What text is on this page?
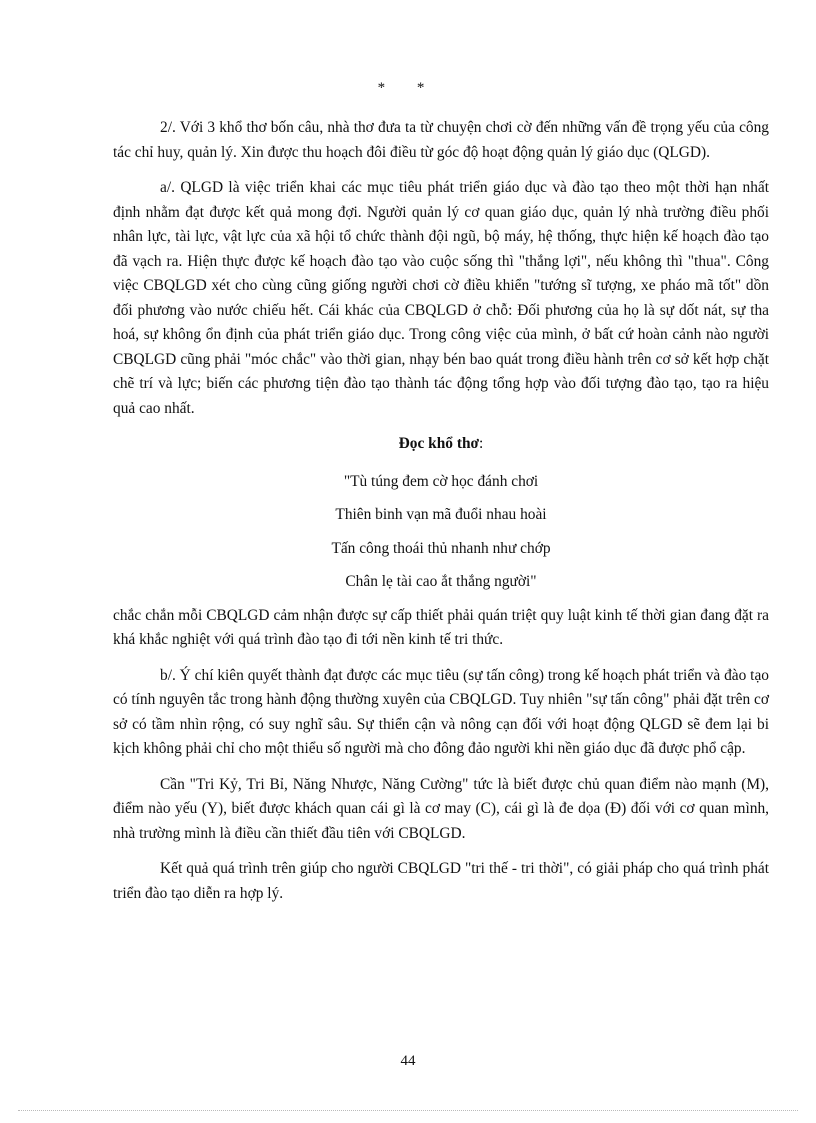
* *

2/. Với 3 khổ thơ bốn câu, nhà thơ đưa ta từ chuyện chơi cờ đến những vấn đề trọng yếu của công tác chỉ huy, quản lý. Xin được thu hoạch đôi điều từ góc độ hoạt động quản lý giáo dục (QLGD).

a/. QLGD là việc triển khai các mục tiêu phát triển giáo dục và đào tạo theo một thời hạn nhất định nhằm đạt được kết quả mong đợi. Người quản lý cơ quan giáo dục, quản lý nhà trường điều phối nhân lực, tài lực, vật lực của xã hội tổ chức thành đội ngũ, bộ máy, hệ thống, thực hiện kế hoạch đào tạo đã vạch ra. Hiện thực được kế hoạch đào tạo vào cuộc sống thì "thắng lợi", nếu không thì "thua". Công việc CBQLGD xét cho cùng cũng giống người chơi cờ điều khiển "tướng sĩ tượng, xe pháo mã tốt" dồn đối phương vào nước chiếu hết. Cái khác của CBQLGD ở chỗ: Đối phương của họ là sự dốt nát, sự tha hoá, sự không ổn định của phát triển giáo dục. Trong công việc của mình, ở bất cứ hoàn cảnh nào người CBQLGD cũng phải "móc chắc" vào thời gian, nhạy bén bao quát trong điều hành trên cơ sở kết hợp chặt chẽ trí và lực; biến các phương tiện đào tạo thành tác động tổng hợp vào đối tượng đào tạo, tạo ra hiệu quả cao nhất.

Đọc khổ thơ:

"Tù túng đem cờ học đánh chơi

Thiên binh vạn mã đuổi nhau hoài

Tấn công thoái thủ nhanh như chớp

Chân lẹ tài cao ắt thắng người"

chắc chắn mỗi CBQLGD cảm nhận được sự cấp thiết phải quán triệt quy luật kinh tế thời gian đang đặt ra khá khắc nghiệt với quá trình đào tạo đi tới nền kinh tế tri thức.

b/. Ý chí kiên quyết thành đạt được các mục tiêu (sự tấn công) trong kế hoạch phát triển và đào tạo có tính nguyên tắc trong hành động thường xuyên của CBQLGD. Tuy nhiên "sự tấn công" phải đặt trên cơ sở có tầm nhìn rộng, có suy nghĩ sâu. Sự thiển cận và nông cạn đối với hoạt động QLGD sẽ đem lại bi kịch không phải chỉ cho một thiểu số người mà cho đông đảo người khi nền giáo dục đã được phổ cập.

Cần "Tri Kỷ, Tri Bỉ, Năng Nhược, Năng Cường" tức là biết được chủ quan điểm nào mạnh (M), điểm nào yếu (Y), biết được khách quan cái gì là cơ may (C), cái gì là đe dọa (Đ) đối với cơ quan mình, nhà trường mình là điều cần thiết đầu tiên với CBQLGD.

Kết quả quá trình trên giúp cho người CBQLGD "tri thế - tri thời", có giải pháp cho quá trình phát triển đào tạo diễn ra hợp lý.

44
